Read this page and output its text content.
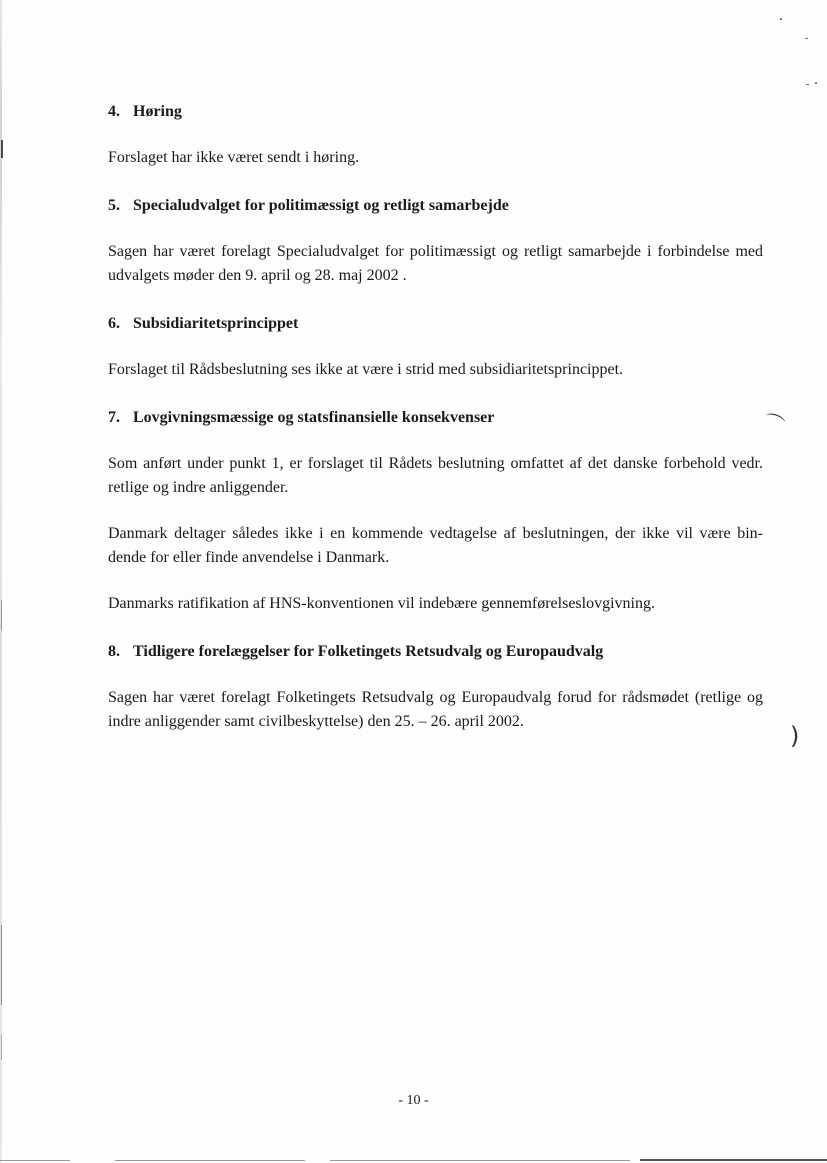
⌒
)
4. Høring

Forslaget har ikke været sendt i høring.

5. Specialudvalget for politimæssigt og retligt samarbejde

Sagen har været forelagt Specialudvalget for politimæssigt og retligt samarbejde i forbindelse med udvalgets møder den 9. april og 28. maj 2002 .

6. Subsidiaritetsprincippet

Forslaget til Rådsbeslutning ses ikke at være i strid med subsidiaritetsprincippet.

7. Lovgivningsmæssige og statsfinansielle konsekvenser

Som anført under punkt 1, er forslaget til Rådets beslutning omfattet af det danske forbehold vedr. retlige og indre anliggender.

Danmark deltager således ikke i en kommende vedtagelse af beslutningen, der ikke vil være bin-dende for eller finde anvendelse i Danmark.

Danmarks ratifikation af HNS-konventionen vil indebære gennemførelseslovgivning.

8. Tidligere forelæggelser for Folketingets Retsudvalg og Europaudvalg

Sagen har været forelagt Folketingets Retsudvalg og Europaudvalg forud for rådsmødet (retlige og indre anliggender samt civilbeskyttelse) den 25. – 26. april 2002.

- 10 -
